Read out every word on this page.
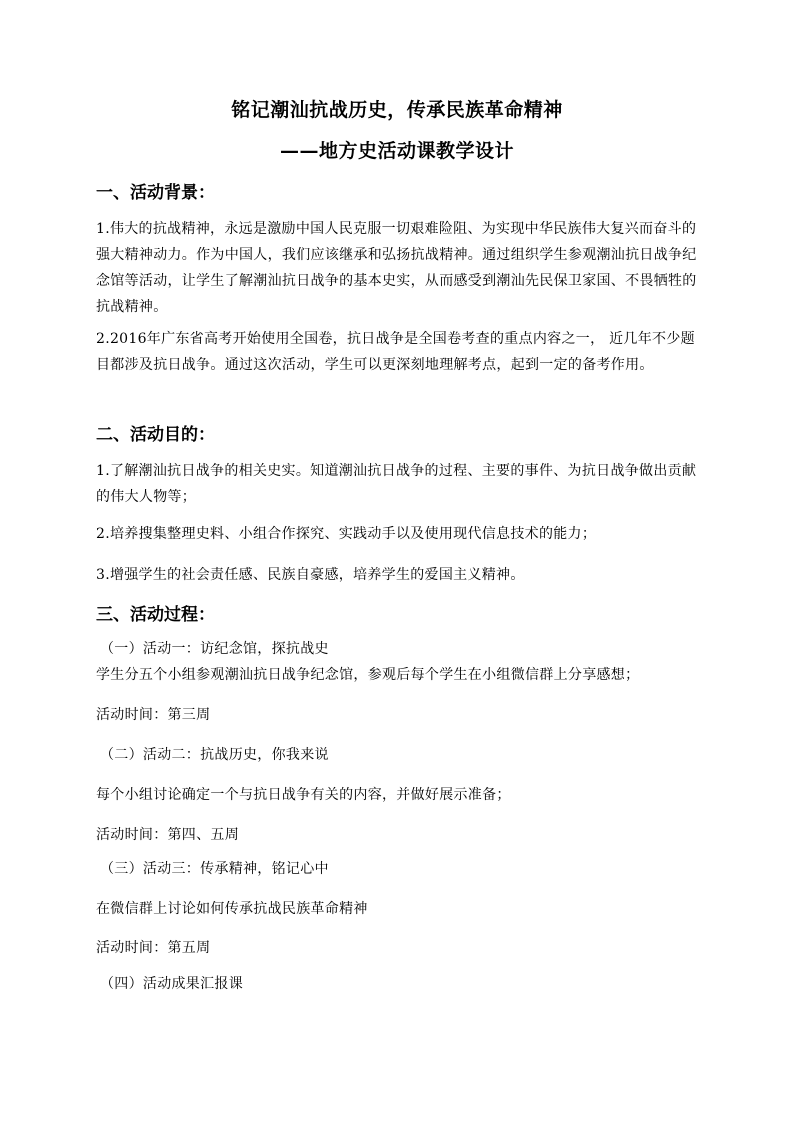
铭记潮汕抗战历史，传承民族革命精神
——地方史活动课教学设计
一、活动背景：
1.伟大的抗战精神，永远是激励中国人民克服一切艰难险阻、为实现中华民族伟大复兴而奋斗的强大精神动力。作为中国人，我们应该继承和弘扬抗战精神。通过组织学生参观潮汕抗日战争纪念馆等活动，让学生了解潮汕抗日战争的基本史实，从而感受到潮汕先民保卫家国、不畏牺牲的抗战精神。
2.2016年广东省高考开始使用全国卷，抗日战争是全国卷考查的重点内容之一， 近几年不少题目都涉及抗日战争。通过这次活动，学生可以更深刻地理解考点，起到一定的备考作用。
二、活动目的：
1.了解潮汕抗日战争的相关史实。知道潮汕抗日战争的过程、主要的事件、为抗日战争做出贡献的伟大人物等；
2.培养搜集整理史料、小组合作探究、实践动手以及使用现代信息技术的能力；
3.增强学生的社会责任感、民族自豪感，培养学生的爱国主义精神。
三、活动过程：
（一）活动一：访纪念馆，探抗战史
学生分五个小组参观潮汕抗日战争纪念馆，参观后每个学生在小组微信群上分享感想；
活动时间：第三周
（二）活动二：抗战历史，你我来说
每个小组讨论确定一个与抗日战争有关的内容，并做好展示准备；
活动时间：第四、五周
（三）活动三：传承精神，铭记心中
在微信群上讨论如何传承抗战民族革命精神
活动时间：第五周
（四）活动成果汇报课
